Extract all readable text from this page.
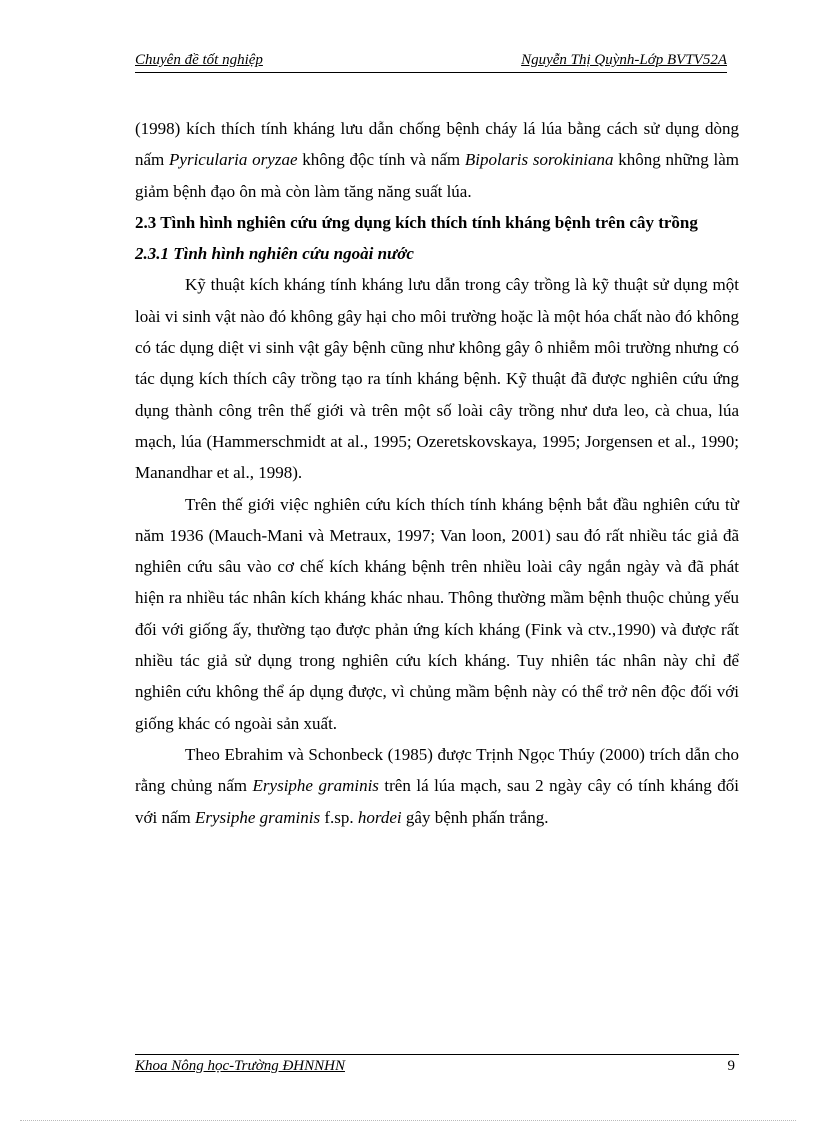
Chuyên đề tốt nghiệp	Nguyễn Thị Quỳnh-Lớp BVTV52A

(1998) kích thích tính kháng lưu dẫn chống bệnh cháy lá lúa bằng cách sử dụng dòng nấm Pyricularia oryzae không độc tính và nấm Bipolaris sorokiniana không những làm giảm bệnh đạo ôn mà còn làm tăng năng suất lúa.

2.3 Tình hình nghiên cứu ứng dụng kích thích tính kháng bệnh trên cây trồng

2.3.1 Tình hình nghiên cứu ngoài nước

Kỹ thuật kích kháng tính kháng lưu dẫn trong cây trồng là kỹ thuật sử dụng một loài vi sinh vật nào đó không gây hại cho môi trường hoặc là một hóa chất nào đó không có tác dụng diệt vi sinh vật gây bệnh cũng như không gây ô nhiễm môi trường nhưng có tác dụng kích thích cây trồng tạo ra tính kháng bệnh. Kỹ thuật đã được nghiên cứu ứng dụng thành công trên thế giới và trên một số loài cây trồng như dưa leo, cà chua, lúa mạch, lúa (Hammerschmidt at al., 1995; Ozeretskovskaya, 1995; Jorgensen et al., 1990; Manandhar et al., 1998).

Trên thế giới việc nghiên cứu kích thích tính kháng bệnh bắt đầu nghiên cứu từ năm 1936 (Mauch-Mani và Metraux, 1997; Van loon, 2001) sau đó rất nhiều tác giả đã nghiên cứu sâu vào cơ chế kích kháng bệnh trên nhiều loài cây ngắn ngày và đã phát hiện ra nhiều tác nhân kích kháng khác nhau. Thông thường mầm bệnh thuộc chủng yếu đối với giống ấy, thường tạo được phản ứng kích kháng (Fink và ctv.,1990) và được rất nhiều tác giả sử dụng trong nghiên cứu kích kháng. Tuy nhiên tác nhân này chỉ để nghiên cứu không thể áp dụng được, vì chủng mầm bệnh này có thể trở nên độc đối với giống khác có ngoài sản xuất.

Theo Ebrahim và Schonbeck (1985) được Trịnh Ngọc Thúy (2000) trích dẫn cho rằng chủng nấm Erysiphe graminis trên lá lúa mạch, sau 2 ngày cây có tính kháng đối với nấm Erysiphe graminis f.sp. hordei gây bệnh phấn trắng.

Khoa Nông học-Trường ĐHNNHN	9
